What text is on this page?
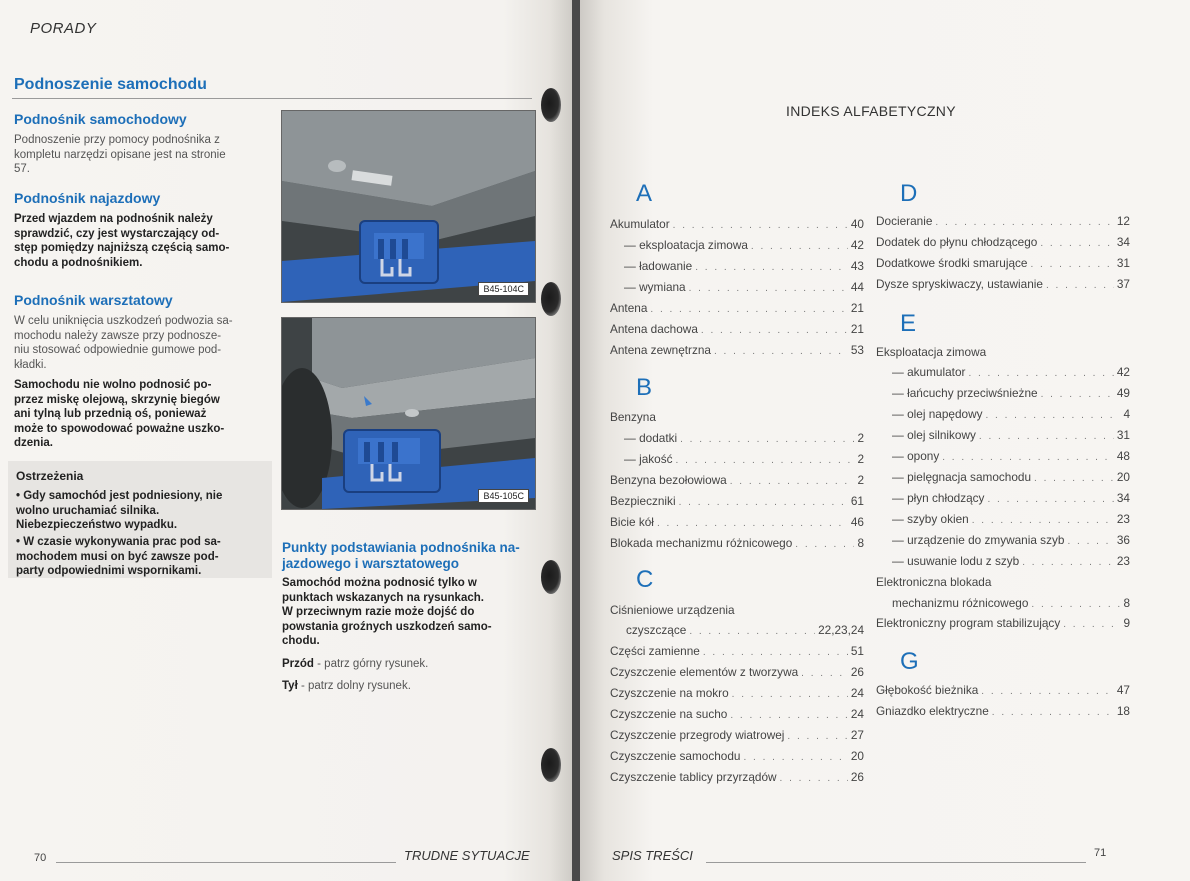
PORADY
Podnoszenie samochodu
Podnośnik samochodowy
Podnoszenie przy pomocy podnośnika z
kompletu narzędzi opisane jest na stronie
57.
Podnośnik najazdowy
Przed wjazdem na podnośnik należy
sprawdzić, czy jest wystarczający od-
stęp pomiędzy najniższą częścią samo-
chodu a podnośnikiem.
Podnośnik warsztatowy
W celu uniknięcia uszkodzeń podwozia sa-
mochodu należy zawsze przy podnosze-
niu stosować odpowiednie gumowe pod-
kładki.
Samochodu nie wolno podnosić po-
przez miskę olejową, skrzynię biegów
ani tylną lub przednią oś, ponieważ
może to spowodować poważne uszko-
dzenia.
Ostrzeżenia
• Gdy samochód jest podniesiony, nie
wolno uruchamiać silnika.
Niebezpieczeństwo wypadku.
• W czasie wykonywania prac pod sa-
mochodem musi on być zawsze pod-
party odpowiednimi wspornikami.
B45-104C
B45-105C
Punkty podstawiania podnośnika na-
jazdowego i warsztatowego
Samochód można podnosić tylko w
punktach wskazanych na rysunkach.
W przeciwnym razie może dojść do
powstania groźnych uszkodzeń samo-
chodu.
Przód - patrz górny rysunek.
Tył - patrz dolny rysunek.
70	TRUDNE SYTUACJE
INDEKS ALFABETYCZNY
A
Akumulator . . .	40
— eksploatacja zimowa . . .	42
— ładowanie . . .	43
— wymiana . . .	44
Antena . . .	21
Antena dachowa . . .	21
Antena zewnętrzna . . .	53
B
Benzyna
— dodatki . . .	2
— jakość . . .	2
Benzyna bezołowiowa . . .	2
Bezpieczniki . . .	61
Bicie kół . . .	46
Blokada mechanizmu różnicowego . . .	8
C
Ciśnieniowe urządzenia
czyszczące . . .	22,23,24
Części zamienne . . .	51
Czyszczenie elementów z tworzywa . . .	26
Czyszczenie na mokro . . .	24
Czyszczenie na sucho . . .	24
Czyszczenie przegrody wiatrowej . . .	27
Czyszczenie samochodu . . .	20
Czyszczenie tablicy przyrządów . . .	26
D
Docieranie . . .	12
Dodatek do płynu chłodzącego . . .	34
Dodatkowe środki smarujące . . .	31
Dysze spryskiwaczy, ustawianie . . .	37
E
Eksploatacja zimowa
— akumulator . . .	42
— łańcuchy przeciwśnieżne . . .	49
— olej napędowy . . .	4
— olej silnikowy . . .	31
— opony . . .	48
— pielęgnacja samochodu . . .	20
— płyn chłodzący . . .	34
— szyby okien . . .	23
— urządzenie do zmywania szyb . . .	36
— usuwanie lodu z szyb . . .	23
Elektroniczna blokada
mechanizmu różnicowego . . .	8
Elektroniczny program stabilizujący . . .	9
G
Głębokość bieżnika . . .	47
Gniazdko elektryczne . . .	18
SPIS TREŚCI	71
